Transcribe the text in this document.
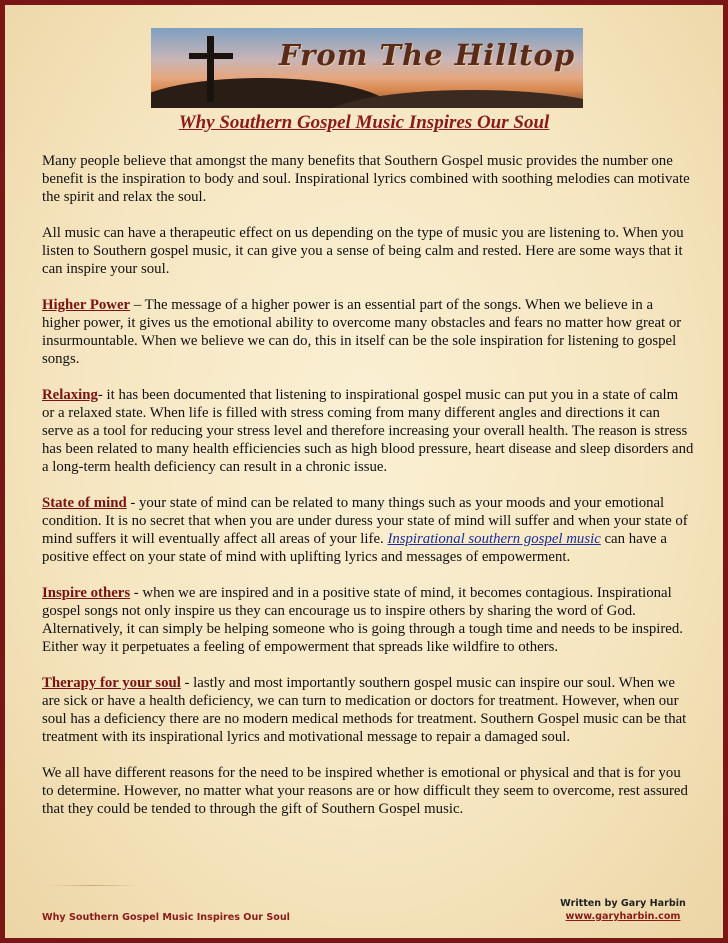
From The Hilltop
Why Southern Gospel Music Inspires Our Soul

Many people believe that amongst the many benefits that Southern Gospel music provides the number one benefit is the inspiration to body and soul. Inspirational lyrics combined with soothing melodies can motivate the spirit and relax the soul.

All music can have a therapeutic effect on us depending on the type of music you are listening to. When you listen to Southern gospel music, it can give you a sense of being calm and rested. Here are some ways that it can inspire your soul.

Higher Power – The message of a higher power is an essential part of the songs. When we believe in a higher power, it gives us the emotional ability to overcome many obstacles and fears no matter how great or insurmountable. When we believe we can do, this in itself can be the sole inspiration for listening to gospel songs.

Relaxing- it has been documented that listening to inspirational gospel music can put you in a state of calm or a relaxed state. When life is filled with stress coming from many different angles and directions it can serve as a tool for reducing your stress level and therefore increasing your overall health. The reason is stress has been related to many health efficiencies such as high blood pressure, heart disease and sleep disorders and a long-term health deficiency can result in a chronic issue.

State of mind - your state of mind can be related to many things such as your moods and your emotional condition. It is no secret that when you are under duress your state of mind will suffer and when your state of mind suffers it will eventually affect all areas of your life. Inspirational southern gospel music can have a positive effect on your state of mind with uplifting lyrics and messages of empowerment.

Inspire others - when we are inspired and in a positive state of mind, it becomes contagious. Inspirational gospel songs not only inspire us they can encourage us to inspire others by sharing the word of God. Alternatively, it can simply be helping someone who is going through a tough time and needs to be inspired. Either way it perpetuates a feeling of empowerment that spreads like wildfire to others.

Therapy for your soul - lastly and most importantly southern gospel music can inspire our soul. When we are sick or have a health deficiency, we can turn to medication or doctors for treatment. However, when our soul has a deficiency there are no modern medical methods for treatment. Southern Gospel music can be that treatment with its inspirational lyrics and motivational message to repair a damaged soul.

We all have different reasons for the need to be inspired whether is emotional or physical and that is for you to determine. However, no matter what your reasons are or how difficult they seem to overcome, rest assured that they could be tended to through the gift of Southern Gospel music.

Why Southern Gospel Music Inspires Our Soul
Written by Gary Harbin
www.garyharbin.com
